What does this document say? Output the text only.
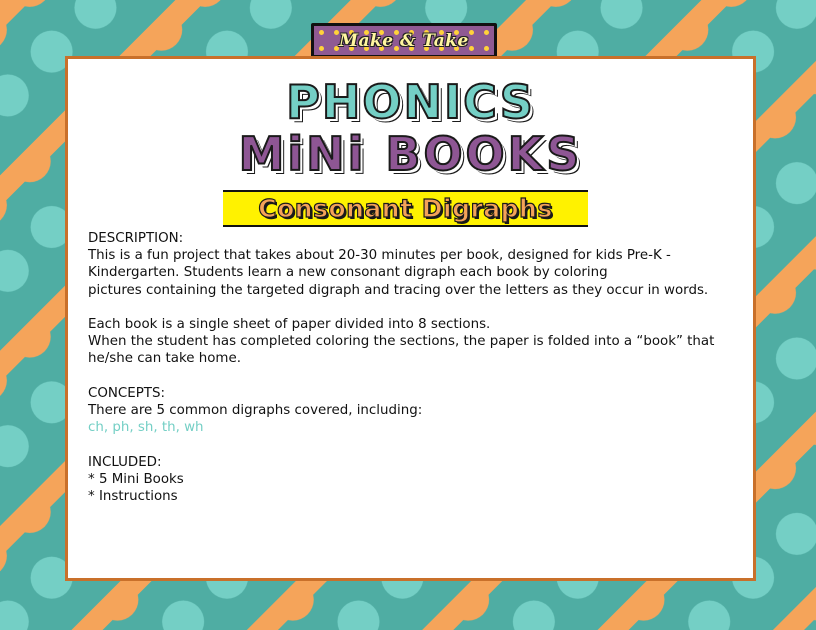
Make & Take
PHONICS
MiNi BOOKS
Consonant Digraphs

DESCRIPTION:

This is a fun project that takes about 20-30 minutes per book, designed for kids Pre-K -

Kindergarten. Students learn a new consonant digraph each book by coloring

pictures containing the targeted digraph and tracing over the letters as they occur in words.

Each book is a single sheet of paper divided into 8 sections.

When the student has completed coloring the sections, the paper is folded into a “book” that

he/she can take home.

CONCEPTS:

There are 5 common digraphs covered, including:

ch, ph, sh, th, wh

INCLUDED:

* 5 Mini Books

* Instructions
